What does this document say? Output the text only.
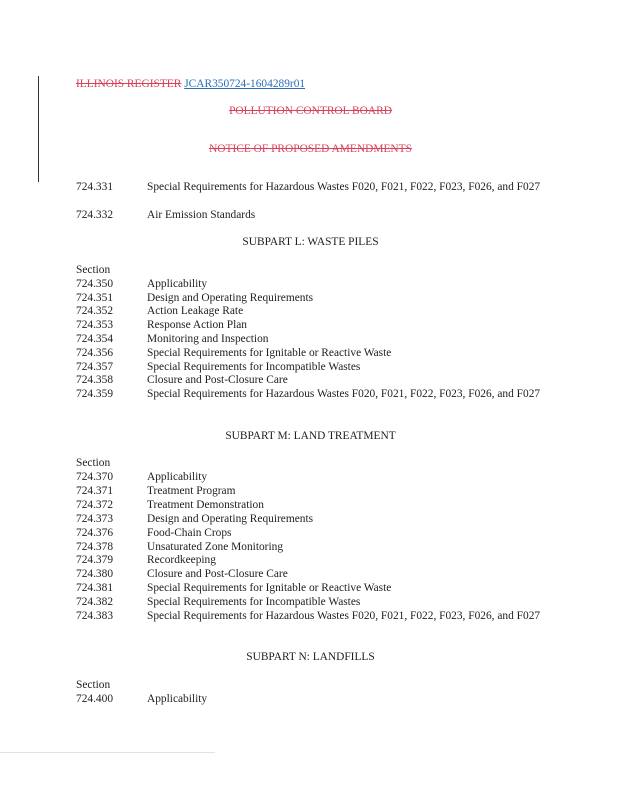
ILLINOIS REGISTER JCAR350724-1604289r01
POLLUTION CONTROL BOARD
NOTICE OF PROPOSED AMENDMENTS
724.331	Special Requirements for Hazardous Wastes F020, F021, F022, F023, F026, and F027
724.332	Air Emission Standards
SUBPART L: WASTE PILES
Section
724.350	Applicability
724.351	Design and Operating Requirements
724.352	Action Leakage Rate
724.353	Response Action Plan
724.354	Monitoring and Inspection
724.356	Special Requirements for Ignitable or Reactive Waste
724.357	Special Requirements for Incompatible Wastes
724.358	Closure and Post-Closure Care
724.359	Special Requirements for Hazardous Wastes F020, F021, F022, F023, F026, and F027
SUBPART M: LAND TREATMENT
Section
724.370	Applicability
724.371	Treatment Program
724.372	Treatment Demonstration
724.373	Design and Operating Requirements
724.376	Food-Chain Crops
724.378	Unsaturated Zone Monitoring
724.379	Recordkeeping
724.380	Closure and Post-Closure Care
724.381	Special Requirements for Ignitable or Reactive Waste
724.382	Special Requirements for Incompatible Wastes
724.383	Special Requirements for Hazardous Wastes F020, F021, F022, F023, F026, and F027
SUBPART N: LANDFILLS
Section
724.400	Applicability
